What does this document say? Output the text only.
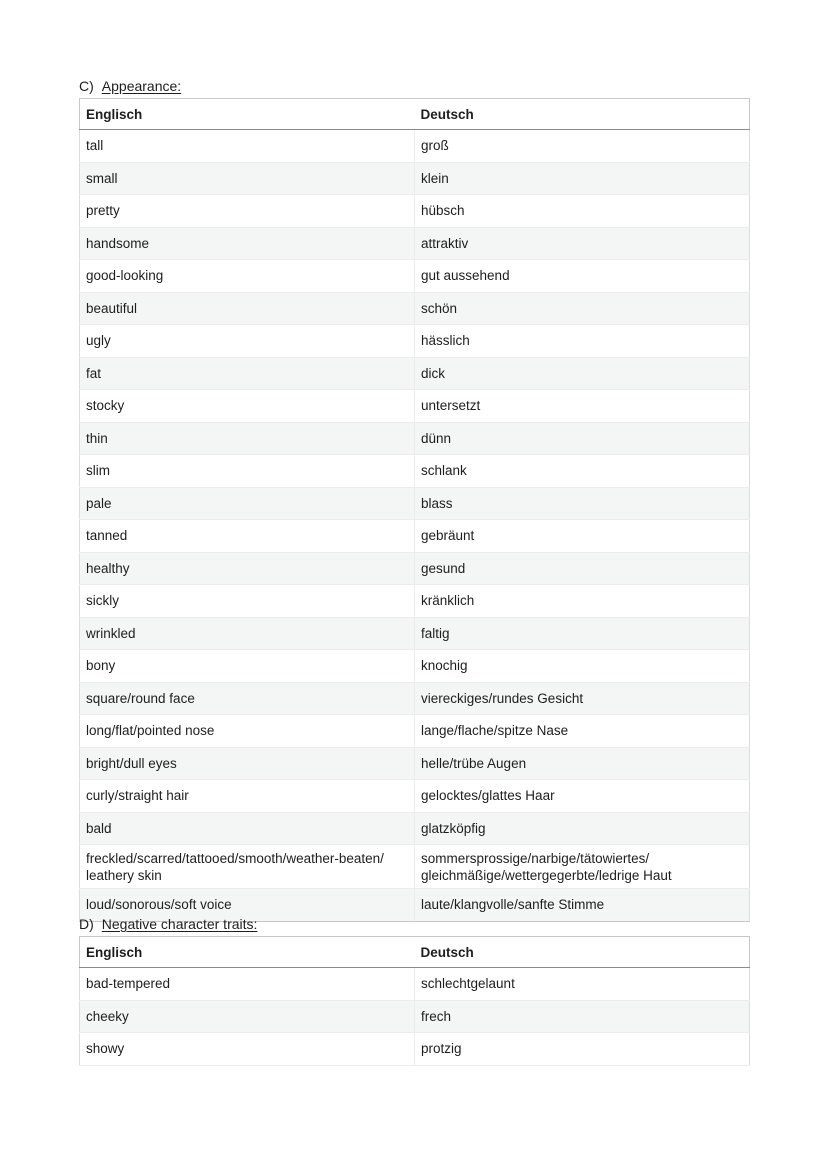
C) Appearance:
Englisch	Deutsch
tall	groß
small	klein
pretty	hübsch
handsome	attraktiv
good-looking	gut aussehend
beautiful	schön
ugly	hässlich
fat	dick
stocky	untersetzt
thin	dünn
slim	schlank
pale	blass
tanned	gebräunt
healthy	gesund
sickly	kränklich
wrinkled	faltig
bony	knochig
square/round face	viereckiges/rundes Gesicht
long/flat/pointed nose	lange/flache/spitze Nase
bright/dull eyes	helle/trübe Augen
curly/straight hair	gelocktes/glattes Haar
bald	glatzköpfig
freckled/scarred/tattooed/smooth/weather-beaten/ leathery skin	sommersprossige/narbige/tätowiertes/ gleichmäßige/wettergegerbte/ledrige Haut
loud/sonorous/soft voice	laute/klangvolle/sanfte Stimme
D) Negative character traits:
Englisch	Deutsch
bad-tempered	schlechtgelaunt
cheeky	frech
showy	protzig
